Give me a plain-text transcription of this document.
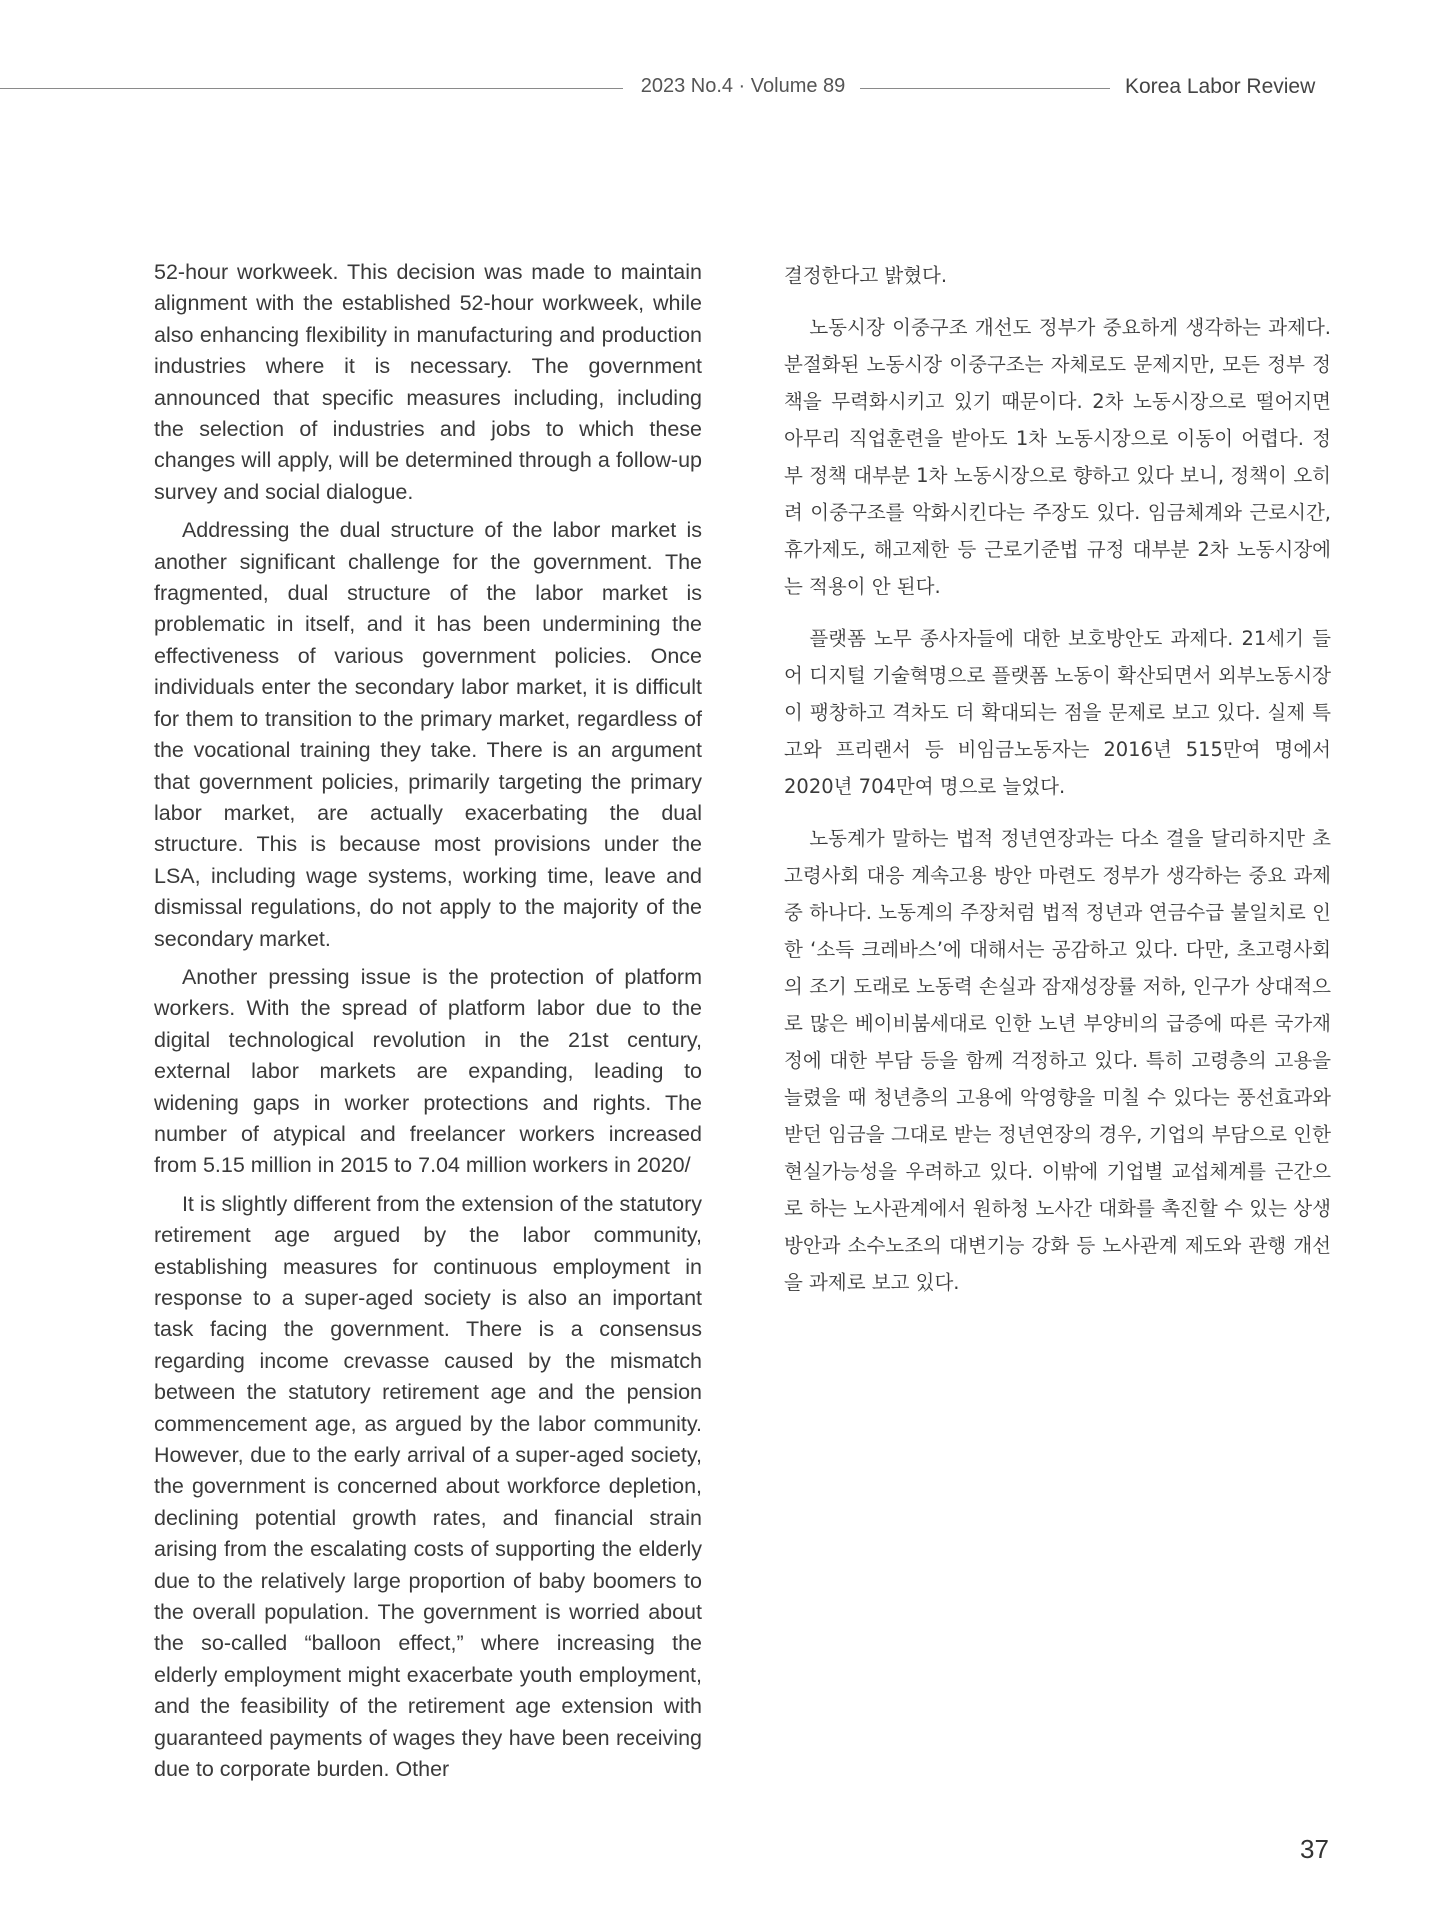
2023 No.4 · Volume 89	Korea Labor Review

52-hour workweek. This decision was made to maintain alignment with the established 52-hour workweek, while also enhancing flexibility in manufacturing and production industries where it is necessary. The government announced that specific measures including, including the selection of industries and jobs to which these changes will apply, will be determined through a follow-up survey and social dialogue.

Addressing the dual structure of the labor market is another significant challenge for the government. The fragmented, dual structure of the labor market is problematic in itself, and it has been undermining the effectiveness of various government policies. Once individuals enter the secondary labor market, it is difficult for them to transition to the primary market, regardless of the vocational training they take. There is an argument that government policies, primarily targeting the primary labor market, are actually exacerbating the dual structure. This is because most provisions under the LSA, including wage systems, working time, leave and dismissal regulations, do not apply to the majority of the secondary market.

Another pressing issue is the protection of platform workers. With the spread of platform labor due to the digital technological revolution in the 21st century, external labor markets are expanding, leading to widening gaps in worker protections and rights. The number of atypical and freelancer workers increased from 5.15 million in 2015 to 7.04 million workers in 2020/

It is slightly different from the extension of the statutory retirement age argued by the labor community, establishing measures for continuous employment in response to a super-aged society is also an important task facing the government. There is a consensus regarding income crevasse caused by the mismatch between the statutory retirement age and the pension commencement age, as argued by the labor community. However, due to the early arrival of a super-aged society, the government is concerned about workforce depletion, declining potential growth rates, and financial strain arising from the escalating costs of supporting the elderly due to the relatively large proportion of baby boomers to the overall population. The government is worried about the so-called “balloon effect,” where increasing the elderly employment might exacerbate youth employment, and the feasibility of the retirement age extension with guaranteed payments of wages they have been receiving due to corporate burden. Other

결정한다고 밝혔다.

노동시장 이중구조 개선도 정부가 중요하게 생각하는 과제다. 분절화된 노동시장 이중구조는 자체로도 문제지만, 모든 정부 정책을 무력화시키고 있기 때문이다. 2차 노동시장으로 떨어지면 아무리 직업훈련을 받아도 1차 노동시장으로 이동이 어렵다. 정부 정책 대부분 1차 노동시장으로 향하고 있다 보니, 정책이 오히려 이중구조를 악화시킨다는 주장도 있다. 임금체계와 근로시간, 휴가제도, 해고제한 등 근로기준법 규정 대부분 2차 노동시장에는 적용이 안 된다.

플랫폼 노무 종사자들에 대한 보호방안도 과제다. 21세기 들어 디지털 기술혁명으로 플랫폼 노동이 확산되면서 외부노동시장이 팽창하고 격차도 더 확대되는 점을 문제로 보고 있다. 실제 특고와 프리랜서 등 비임금노동자는 2016년 515만여 명에서 2020년 704만여 명으로 늘었다.

노동계가 말하는 법적 정년연장과는 다소 결을 달리하지만 초고령사회 대응 계속고용 방안 마련도 정부가 생각하는 중요 과제 중 하나다. 노동계의 주장처럼 법적 정년과 연금수급 불일치로 인한 ‘소득 크레바스’에 대해서는 공감하고 있다. 다만, 초고령사회의 조기 도래로 노동력 손실과 잠재성장률 저하, 인구가 상대적으로 많은 베이비붐세대로 인한 노년 부양비의 급증에 따른 국가재정에 대한 부담 등을 함께 걱정하고 있다. 특히 고령층의 고용을 늘렸을 때 청년층의 고용에 악영향을 미칠 수 있다는 풍선효과와 받던 임금을 그대로 받는 정년연장의 경우, 기업의 부담으로 인한 현실가능성을 우려하고 있다. 이밖에 기업별 교섭체계를 근간으로 하는 노사관계에서 원하청 노사간 대화를 촉진할 수 있는 상생방안과 소수노조의 대변기능 강화 등 노사관계 제도와 관행 개선을 과제로 보고 있다.

37
